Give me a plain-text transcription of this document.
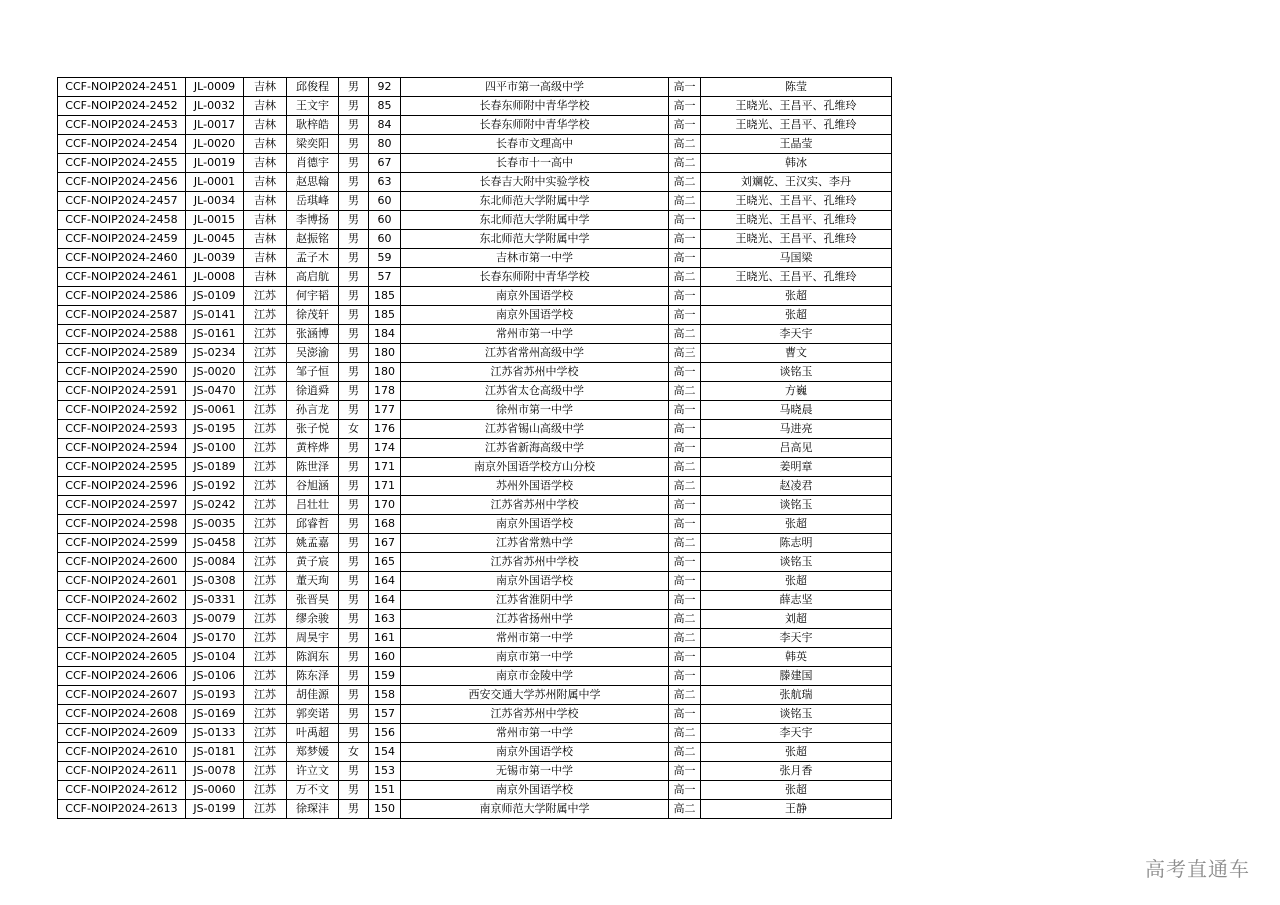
CCF-NOIP2024-2451	JL-0009	吉林	邱俊程	男	92	四平市第一高级中学	高一	陈莹
CCF-NOIP2024-2452	JL-0032	吉林	王文宇	男	85	长春东师附中青华学校	高一	王晓光、王昌平、孔维玲
CCF-NOIP2024-2453	JL-0017	吉林	耿梓皓	男	84	长春东师附中青华学校	高一	王晓光、王昌平、孔维玲
CCF-NOIP2024-2454	JL-0020	吉林	梁奕阳	男	80	长春市文理高中	高二	王晶莹
CCF-NOIP2024-2455	JL-0019	吉林	肖德宇	男	67	长春市十一高中	高二	韩冰
CCF-NOIP2024-2456	JL-0001	吉林	赵思翰	男	63	长春吉大附中实验学校	高二	刘斓乾、王汉实、李丹
CCF-NOIP2024-2457	JL-0034	吉林	岳琪峰	男	60	东北师范大学附属中学	高二	王晓光、王昌平、孔维玲
CCF-NOIP2024-2458	JL-0015	吉林	李博扬	男	60	东北师范大学附属中学	高一	王晓光、王昌平、孔维玲
CCF-NOIP2024-2459	JL-0045	吉林	赵振铭	男	60	东北师范大学附属中学	高一	王晓光、王昌平、孔维玲
CCF-NOIP2024-2460	JL-0039	吉林	孟子木	男	59	吉林市第一中学	高一	马国梁
CCF-NOIP2024-2461	JL-0008	吉林	高启航	男	57	长春东师附中青华学校	高二	王晓光、王昌平、孔维玲
CCF-NOIP2024-2586	JS-0109	江苏	何宇韬	男	185	南京外国语学校	高一	张超
CCF-NOIP2024-2587	JS-0141	江苏	徐茂轩	男	185	南京外国语学校	高一	张超
CCF-NOIP2024-2588	JS-0161	江苏	张涵博	男	184	常州市第一中学	高二	李天宇
CCF-NOIP2024-2589	JS-0234	江苏	吴澎渝	男	180	江苏省常州高级中学	高三	曹文
CCF-NOIP2024-2590	JS-0020	江苏	邹子恒	男	180	江苏省苏州中学校	高一	谈铭玉
CCF-NOIP2024-2591	JS-0470	江苏	徐逍舜	男	178	江苏省太仓高级中学	高二	方巍
CCF-NOIP2024-2592	JS-0061	江苏	孙言龙	男	177	徐州市第一中学	高一	马晓晨
CCF-NOIP2024-2593	JS-0195	江苏	张子悦	女	176	江苏省锡山高级中学	高一	马进亮
CCF-NOIP2024-2594	JS-0100	江苏	黄梓烨	男	174	江苏省新海高级中学	高一	吕高见
CCF-NOIP2024-2595	JS-0189	江苏	陈世泽	男	171	南京外国语学校方山分校	高二	姜明章
CCF-NOIP2024-2596	JS-0192	江苏	谷旭涵	男	171	苏州外国语学校	高二	赵凌君
CCF-NOIP2024-2597	JS-0242	江苏	吕壮壮	男	170	江苏省苏州中学校	高一	谈铭玉
CCF-NOIP2024-2598	JS-0035	江苏	邱睿哲	男	168	南京外国语学校	高一	张超
CCF-NOIP2024-2599	JS-0458	江苏	姚孟嘉	男	167	江苏省常熟中学	高二	陈志明
CCF-NOIP2024-2600	JS-0084	江苏	黄子宸	男	165	江苏省苏州中学校	高一	谈铭玉
CCF-NOIP2024-2601	JS-0308	江苏	董天珣	男	164	南京外国语学校	高一	张超
CCF-NOIP2024-2602	JS-0331	江苏	张晋昊	男	164	江苏省淮阴中学	高一	薛志坚
CCF-NOIP2024-2603	JS-0079	江苏	缪余骏	男	163	江苏省扬州中学	高二	刘超
CCF-NOIP2024-2604	JS-0170	江苏	周昊宇	男	161	常州市第一中学	高二	李天宇
CCF-NOIP2024-2605	JS-0104	江苏	陈润东	男	160	南京市第一中学	高一	韩英
CCF-NOIP2024-2606	JS-0106	江苏	陈东泽	男	159	南京市金陵中学	高一	滕建国
CCF-NOIP2024-2607	JS-0193	江苏	胡佳源	男	158	西安交通大学苏州附属中学	高二	张航瑞
CCF-NOIP2024-2608	JS-0169	江苏	郭奕诺	男	157	江苏省苏州中学校	高一	谈铭玉
CCF-NOIP2024-2609	JS-0133	江苏	叶禹超	男	156	常州市第一中学	高二	李天宇
CCF-NOIP2024-2610	JS-0181	江苏	郑梦媛	女	154	南京外国语学校	高二	张超
CCF-NOIP2024-2611	JS-0078	江苏	许立文	男	153	无锡市第一中学	高一	张月香
CCF-NOIP2024-2612	JS-0060	江苏	万不文	男	151	南京外国语学校	高一	张超
CCF-NOIP2024-2613	JS-0199	江苏	徐琛沣	男	150	南京师范大学附属中学	高二	王静
高考直通车
